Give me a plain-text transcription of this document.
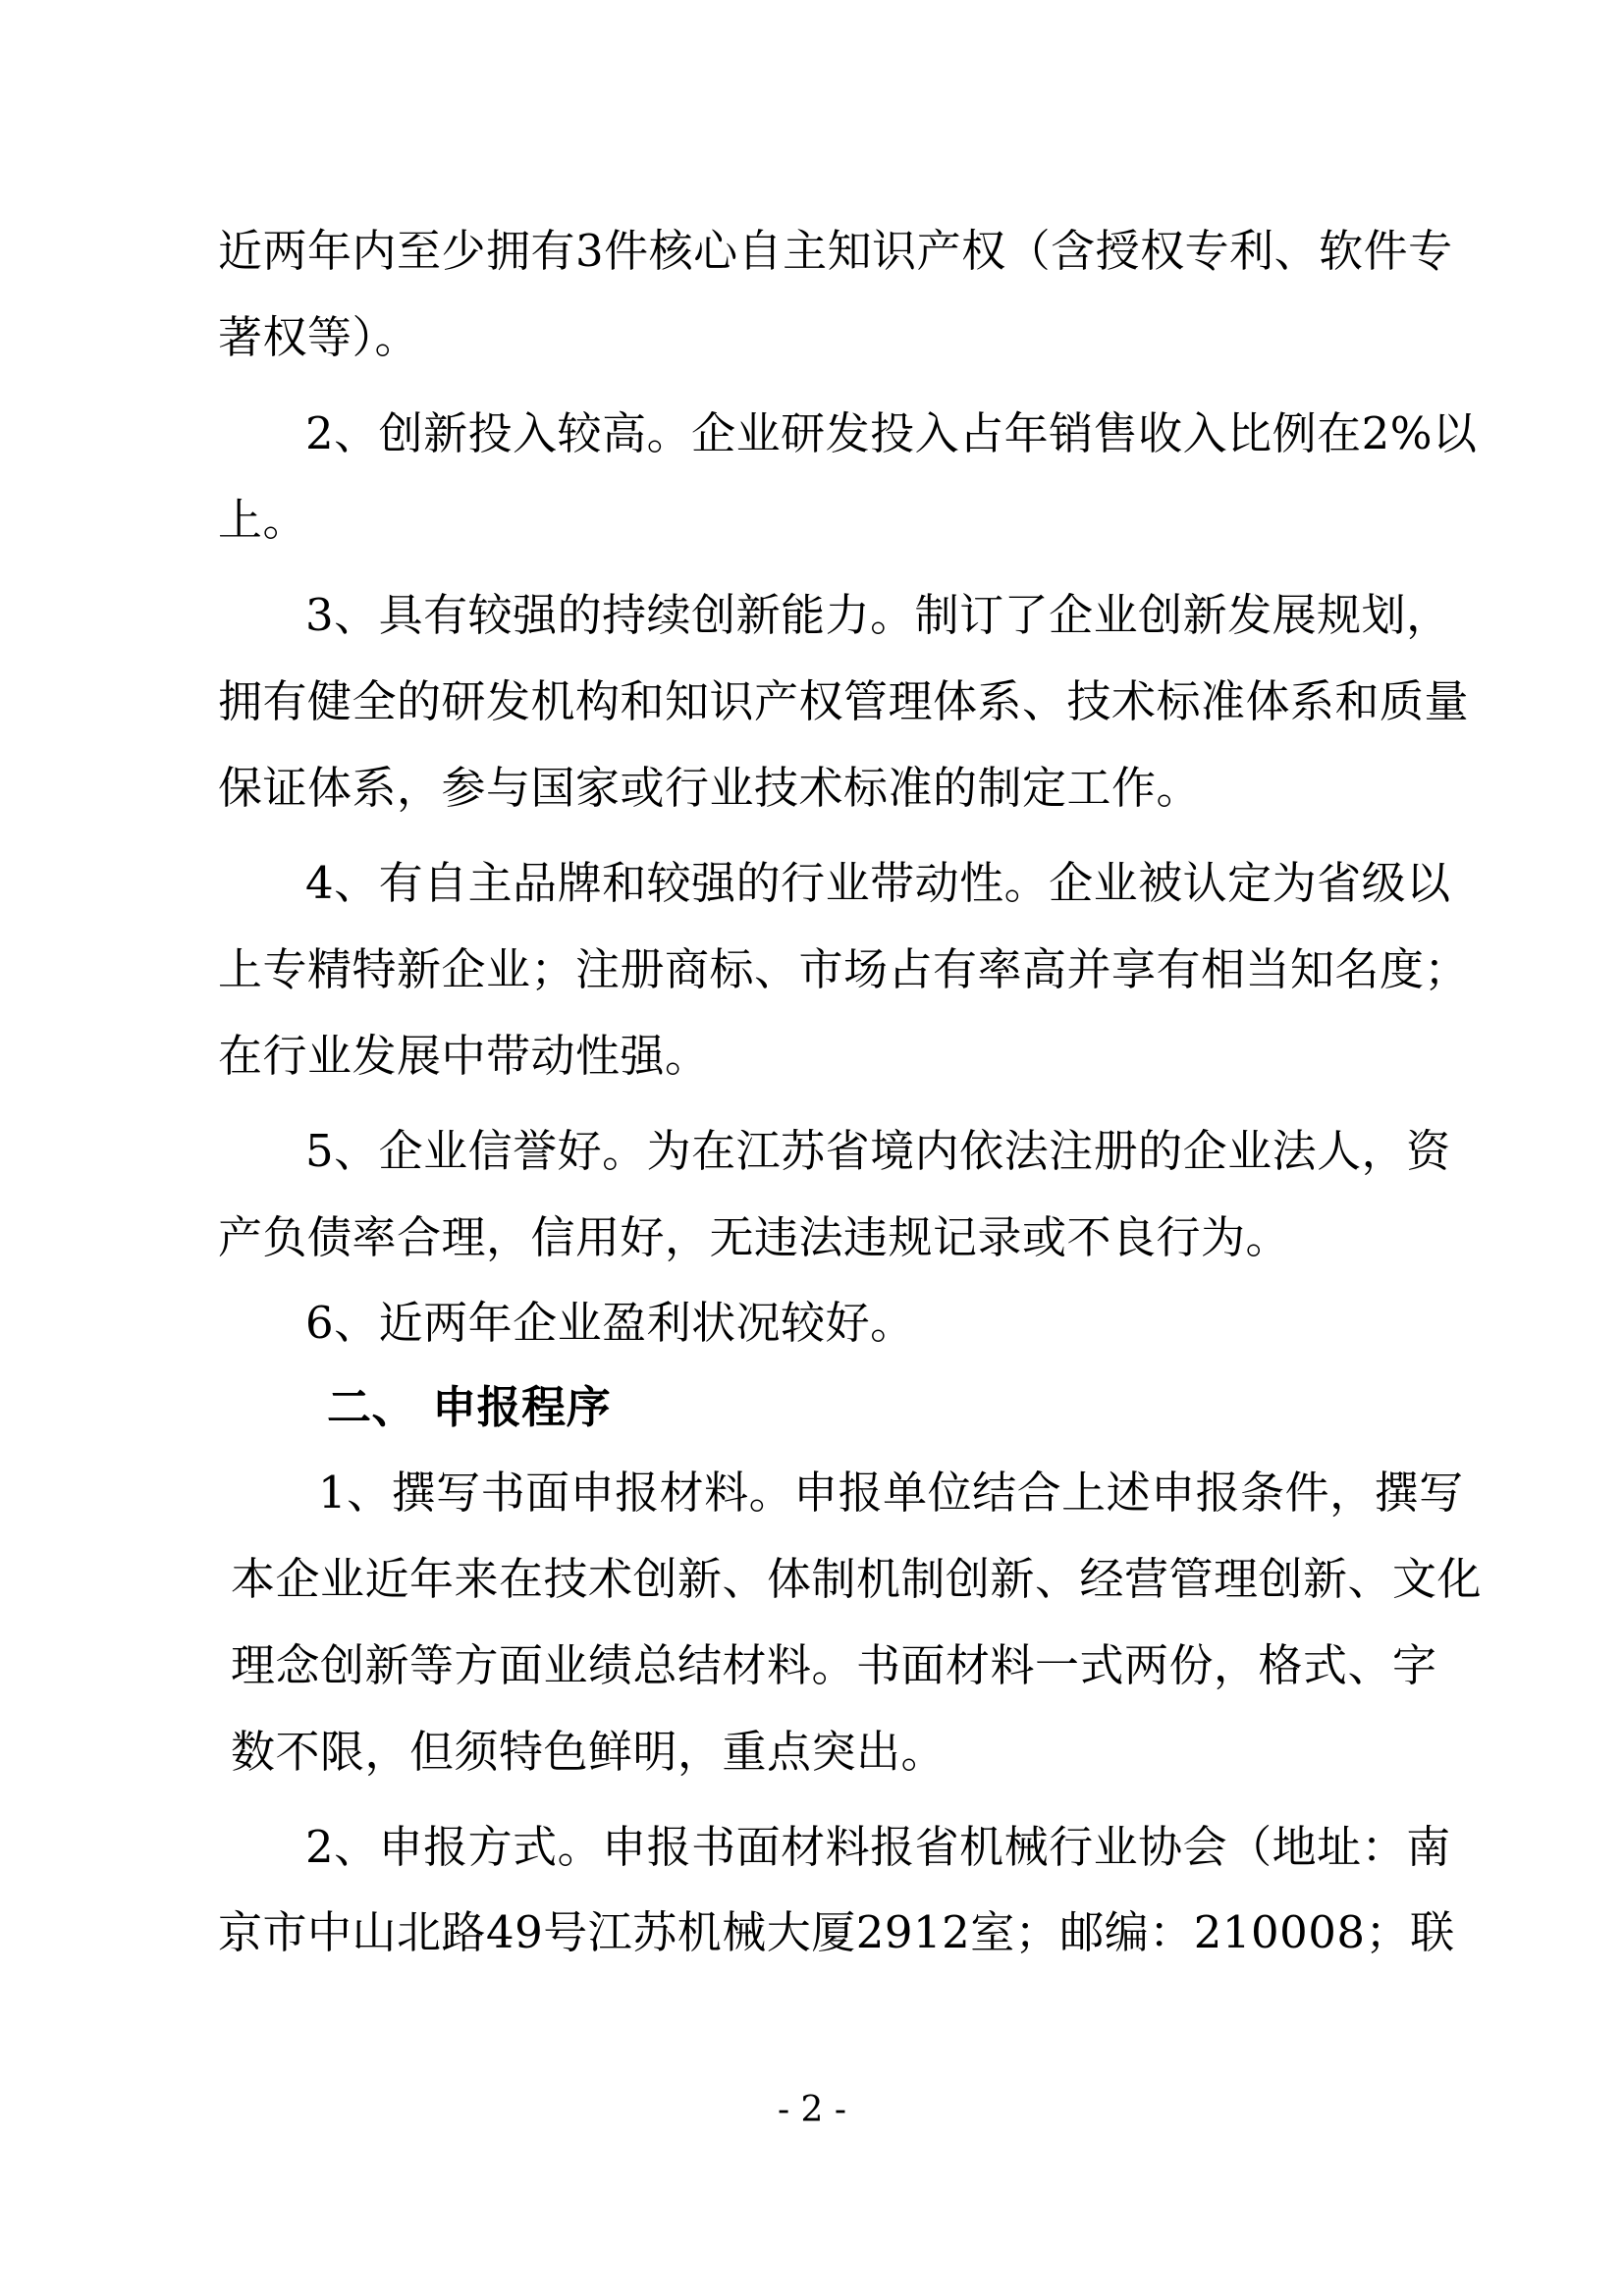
近两年内至少拥有3件核心自主知识产权（含授权专利、软件专
著权等）。
2、创新投入较高。企业研发投入占年销售收入比例在2%以
上。
3、具有较强的持续创新能力。制订了企业创新发展规划，
拥有健全的研发机构和知识产权管理体系、技术标准体系和质量
保证体系，参与国家或行业技术标准的制定工作。
4、有自主品牌和较强的行业带动性。企业被认定为省级以
上专精特新企业；注册商标、市场占有率高并享有相当知名度；
在行业发展中带动性强。
5、企业信誉好。为在江苏省境内依法注册的企业法人，资
产负债率合理，信用好，无违法违规记录或不良行为。
6、近两年企业盈利状况较好。
二、 申报程序
1、撰写书面申报材料。申报单位结合上述申报条件，撰写
本企业近年来在技术创新、体制机制创新、经营管理创新、文化
理念创新等方面业绩总结材料。书面材料一式两份，格式、字
数不限，但须特色鲜明，重点突出。
2、申报方式。申报书面材料报省机械行业协会（地址：南
京市中山北路49号江苏机械大厦2912室；邮编：210008；联
- 2 -
